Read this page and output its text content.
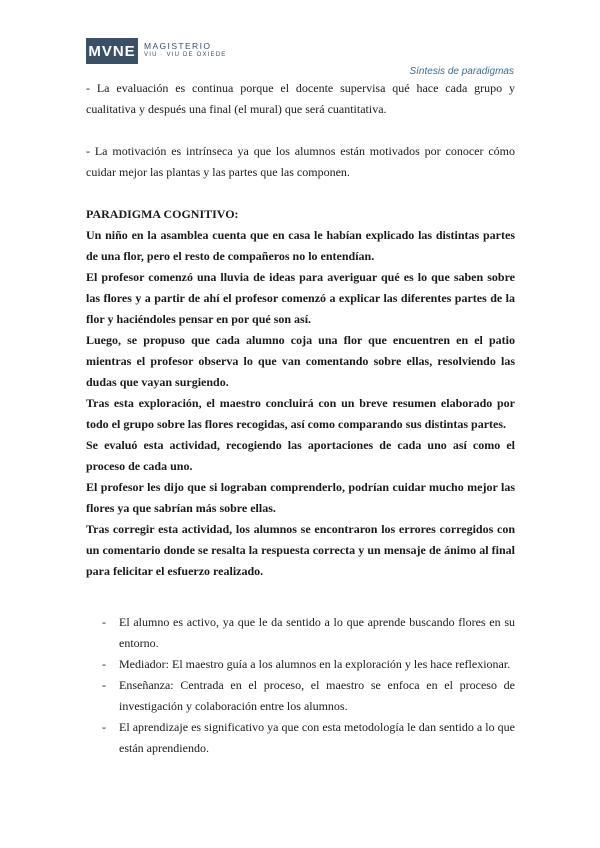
MVNE MAGISTERIO
VIU · VIU DE OXIEDE
Síntesis de paradigmas

- La evaluación es continua porque el docente supervisa qué hace cada grupo y cualitativa y después una final (el mural) que será cuantitativa.

- La motivación es intrínseca ya que los alumnos están motivados por conocer cómo cuidar mejor las plantas y las partes que las componen.

PARADIGMA COGNITIVO:

Un niño en la asamblea cuenta que en casa le habían explicado las distintas partes de una flor, pero el resto de compañeros no lo entendían.

El profesor comenzó una lluvia de ideas para averiguar qué es lo que saben sobre las flores y a partir de ahí el profesor comenzó a explicar las diferentes partes de la flor y haciéndoles pensar en por qué son así.

Luego, se propuso que cada alumno coja una flor que encuentren en el patio mientras el profesor observa lo que van comentando sobre ellas, resolviendo las dudas que vayan surgiendo.

Tras esta exploración, el maestro concluirá con un breve resumen elaborado por todo el grupo sobre las flores recogidas, así como comparando sus distintas partes.

Se evaluó esta actividad, recogiendo las aportaciones de cada uno así como el proceso de cada uno.

El profesor les dijo que si lograban comprenderlo, podrían cuidar mucho mejor las flores ya que sabrían más sobre ellas.

Tras corregir esta actividad, los alumnos se encontraron los errores corregidos con un comentario donde se resalta la respuesta correcta y un mensaje de ánimo al final para felicitar el esfuerzo realizado.

- El alumno es activo, ya que le da sentido a lo que aprende buscando flores en su entorno.
- Mediador: El maestro guía a los alumnos en la exploración y les hace reflexionar.
- Enseñanza: Centrada en el proceso, el maestro se enfoca en el proceso de investigación y colaboración entre los alumnos.
- El aprendizaje es significativo ya que con esta metodología le dan sentido a lo que están aprendiendo.
